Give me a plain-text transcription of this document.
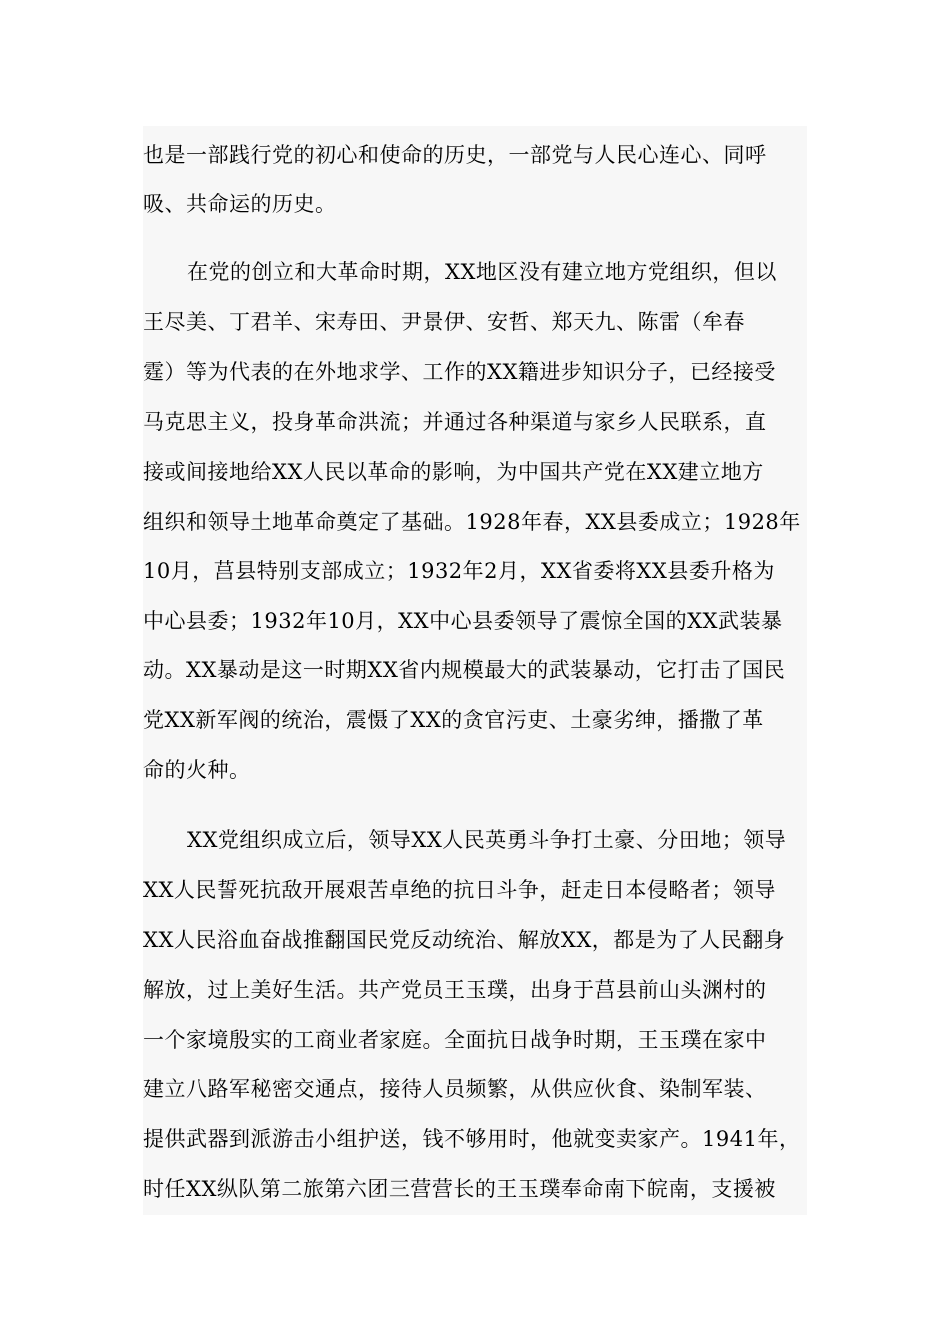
也是一部践行党的初心和使命的历史，一部党与人民心连心、同呼
吸、共命运的历史。
在党的创立和大革命时期，XX地区没有建立地方党组织，但以
王尽美、丁君羊、宋寿田、尹景伊、安哲、郑天九、陈雷（牟春
霆）等为代表的在外地求学、工作的XX籍进步知识分子，已经接受
马克思主义，投身革命洪流；并通过各种渠道与家乡人民联系，直
接或间接地给XX人民以革命的影响，为中国共产党在XX建立地方
组织和领导土地革命奠定了基础。1928年春，XX县委成立；1928年
10月，莒县特别支部成立；1932年2月，XX省委将XX县委升格为
中心县委；1932年10月，XX中心县委领导了震惊全国的XX武装暴
动。XX暴动是这一时期XX省内规模最大的武装暴动，它打击了国民
党XX新军阀的统治，震慑了XX的贪官污吏、土豪劣绅，播撒了革
命的火种。
XX党组织成立后，领导XX人民英勇斗争打土豪、分田地；领导
XX人民誓死抗敌开展艰苦卓绝的抗日斗争，赶走日本侵略者；领导
XX人民浴血奋战推翻国民党反动统治、解放XX，都是为了人民翻身
解放，过上美好生活。共产党员王玉璞，出身于莒县前山头渊村的
一个家境殷实的工商业者家庭。全面抗日战争时期，王玉璞在家中
建立八路军秘密交通点，接待人员频繁，从供应伙食、染制军装、
提供武器到派游击小组护送，钱不够用时，他就变卖家产。1941年，
时任XX纵队第二旅第六团三营营长的王玉璞奉命南下皖南，支援被
